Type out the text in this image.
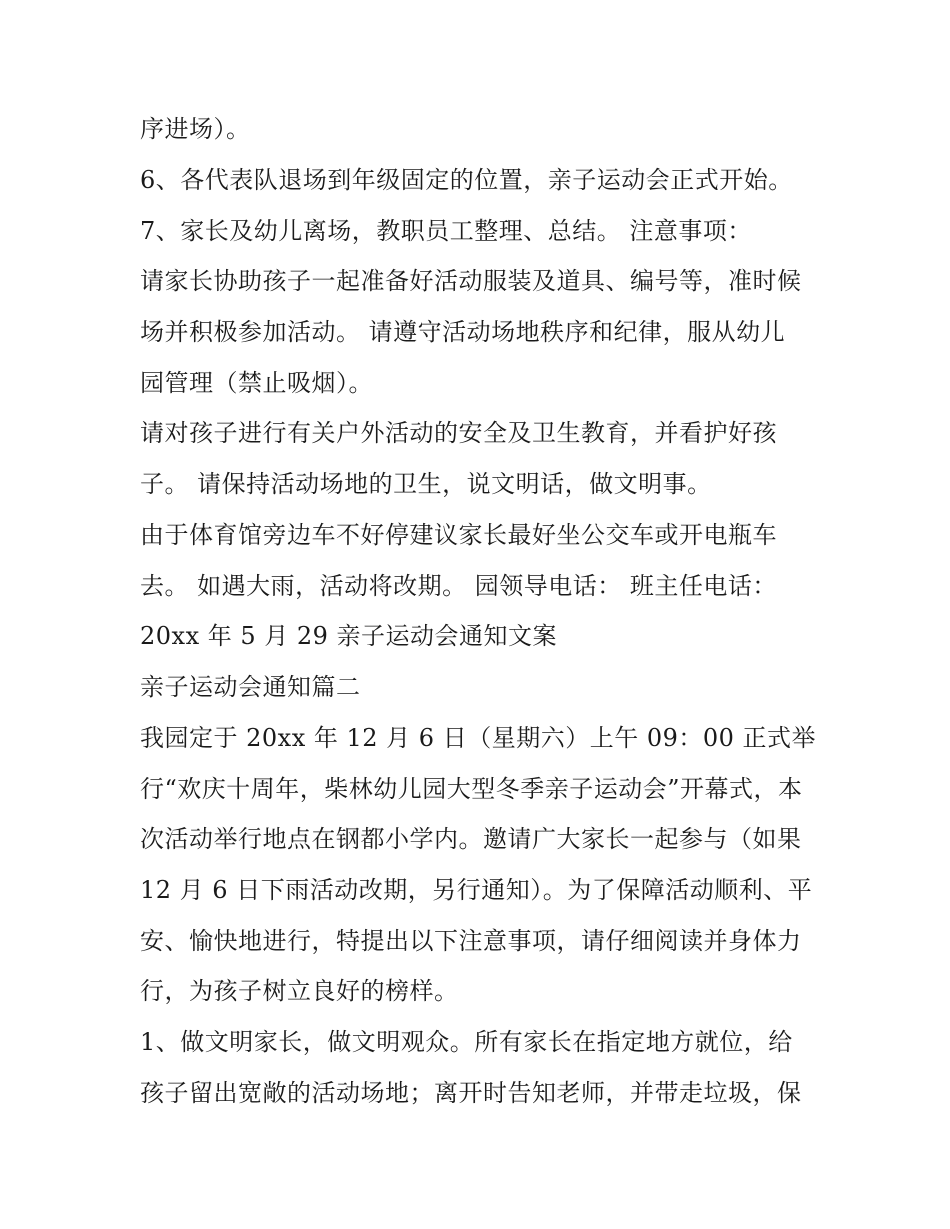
序进场）。
6、各代表队退场到年级固定的位置，亲子运动会正式开始。
7、家长及幼儿离场，教职员工整理、总结。 注意事项：
请家长协助孩子一起准备好活动服装及道具、编号等，准时候
场并积极参加活动。 请遵守活动场地秩序和纪律，服从幼儿
园管理（禁止吸烟）。
请对孩子进行有关户外活动的安全及卫生教育，并看护好孩
子。 请保持活动场地的卫生，说文明话，做文明事。
由于体育馆旁边车不好停建议家长最好坐公交车或开电瓶车
去。 如遇大雨，活动将改期。 园领导电话： 班主任电话：
20xx 年 5 月 29 亲子运动会通知文案
亲子运动会通知篇二
我园定于 20xx 年 12 月 6 日（星期六）上午 09：00 正式举
行“欢庆十周年，柴林幼儿园大型冬季亲子运动会”开幕式，本
次活动举行地点在钢都小学内。邀请广大家长一起参与（如果
12 月 6 日下雨活动改期，另行通知）。为了保障活动顺利、平
安、愉快地进行，特提出以下注意事项，请仔细阅读并身体力
行，为孩子树立良好的榜样。
1、做文明家长，做文明观众。所有家长在指定地方就位，给
孩子留出宽敞的活动场地；离开时告知老师，并带走垃圾，保
